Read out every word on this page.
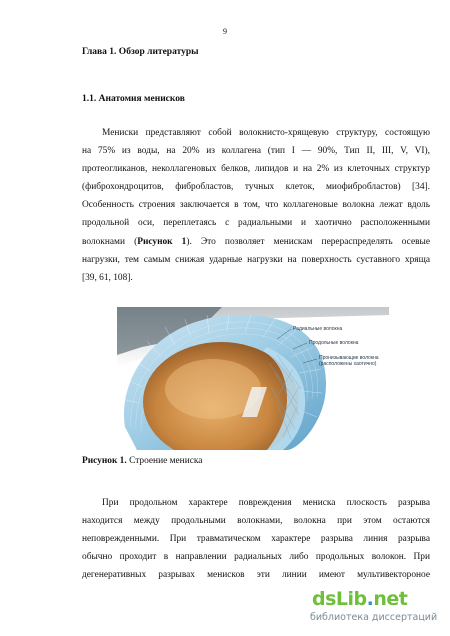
9
Глава 1. Обзор литературы
1.1. Анатомия менисков
Мениски представляют собой волокнисто-хрящевую структуру, состоящую
на 75% из воды, на 20% из коллагена (тип I — 90%, Тип II, III, V, VI),
протеогликанов, неколлагеновых белков, липидов и на 2% из клеточных структур
(фиброхондроцитов, фибробластов, тучных клеток, миофибробластов) [34].
Особенность строения заключается в том, что коллагеновые волокна лежат вдоль
продольной оси, переплетаясь с радиальными и хаотично расположенными
волокнами (Рисунок 1). Это позволяет менискам перераспределять осевые
нагрузки, тем самым снижая ударные нагрузки на поверхность суставного хряща
[39, 61, 108].
Радиальные волокна
Продольные волокна
Пронизывающие волокна
(расположены хаотично)
Рисунок 1. Строение мениска
При продольном характере повреждения мениска плоскость разрыва
находится между продольными волокнами, волокна при этом остаются
неповрежденными. При травматическом характере разрыва линия разрыва
обычно проходит в направлении радиальных либо продольных волокон. При
дегенеративных разрывах менисков эти линии имеют мультивектороное
dsLib.net
библиотека диссертаций
